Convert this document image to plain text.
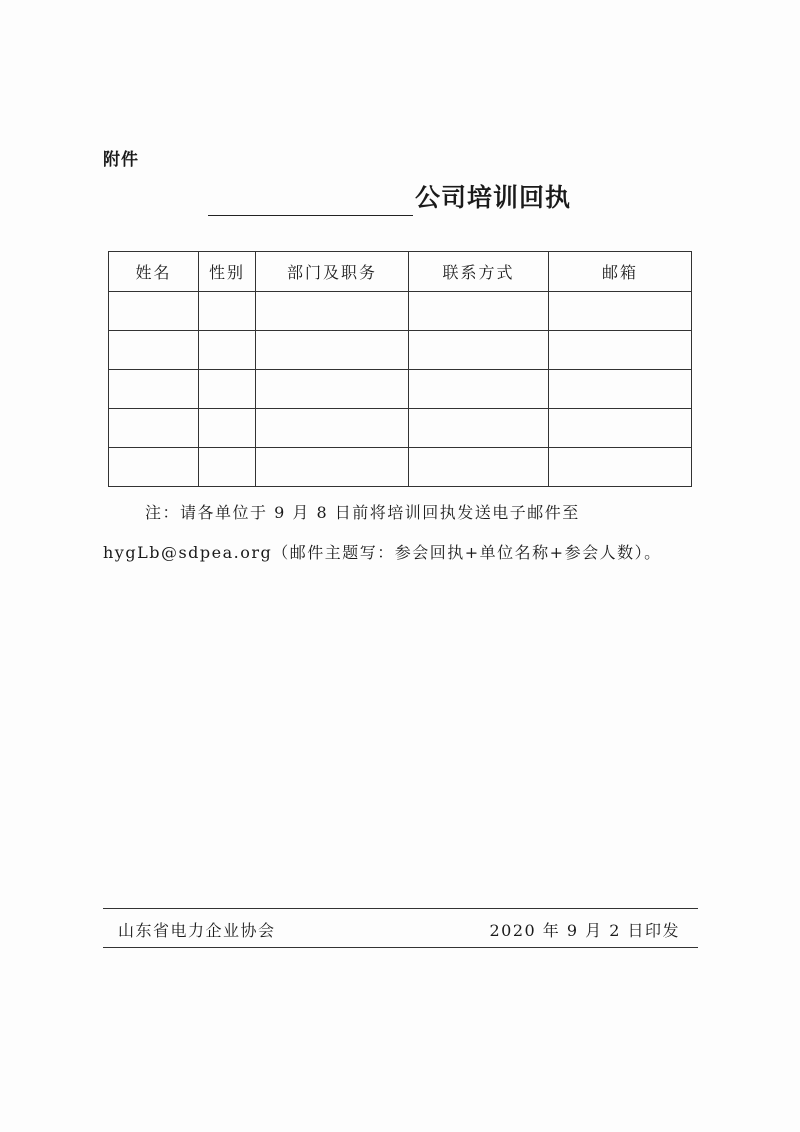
附件
公司培训回执
姓名	性别	部门及职务	联系方式	邮箱

注：请各单位于 9 月 8 日前将培训回执发送电子邮件至
hygLb@sdpea.org（邮件主题写：参会回执+单位名称+参会人数）。
山东省电力企业协会	2020 年 9 月 2 日印发
